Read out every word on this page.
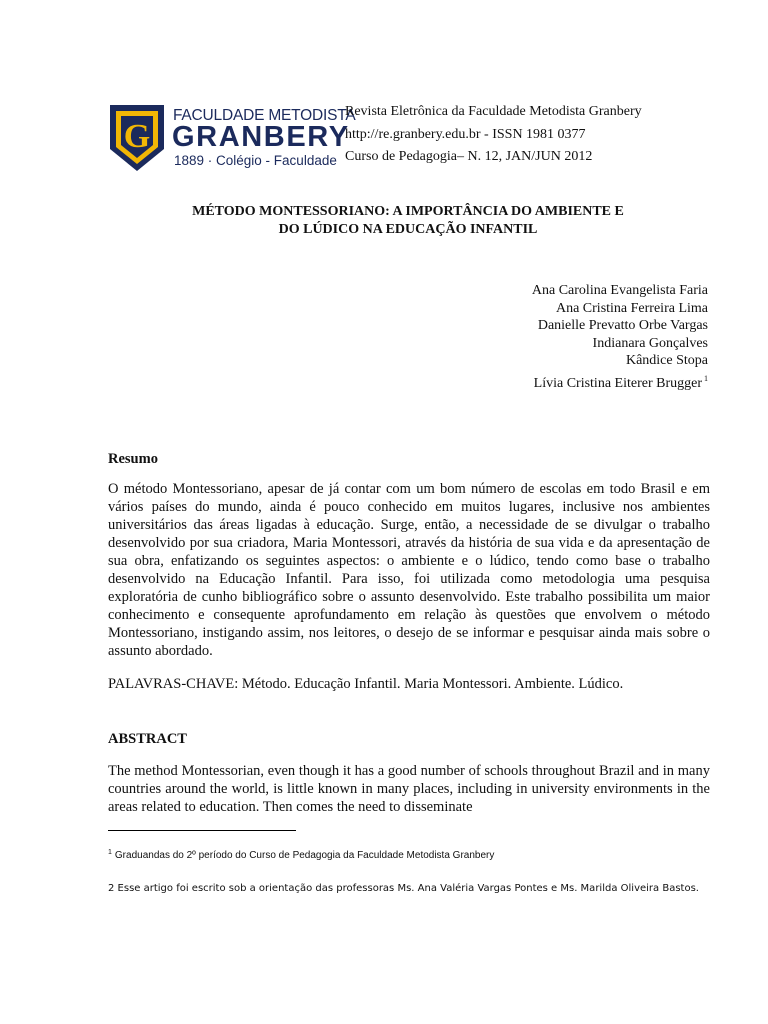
G
FACULDADE METODISTA
GRANBERY
1889 · Colégio - Faculdade
Revista Eletrônica da Faculdade Metodista Granbery
http://re.granbery.edu.br - ISSN 1981 0377
Curso de Pedagogia– N. 12, JAN/JUN 2012
MÉTODO MONTESSORIANO: A IMPORTÂNCIA DO AMBIENTE E
DO LÚDICO NA EDUCAÇÃO INFANTIL
Ana Carolina Evangelista Faria
Ana Cristina Ferreira Lima
Danielle Prevatto Orbe Vargas
Indianara Gonçalves
Kândice Stopa
Lívia Cristina Eiterer Brugger $^1$
Resumo
O método Montessoriano, apesar de já contar com um bom número de escolas em todo Brasil e em vários países do mundo, ainda é pouco conhecido em muitos lugares, inclusive nos ambientes universitários das áreas ligadas à educação. Surge, então, a necessidade de se divulgar o trabalho desenvolvido por sua criadora, Maria Montessori, através da história de sua vida e da apresentação de sua obra, enfatizando os seguintes aspectos: o ambiente e o lúdico, tendo como base o trabalho desenvolvido na Educação Infantil. Para isso, foi utilizada como metodologia uma pesquisa exploratória de cunho bibliográfico sobre o assunto desenvolvido. Este trabalho possibilita um maior conhecimento e consequente aprofundamento em relação às questões que envolvem o método Montessoriano, instigando assim, nos leitores, o desejo de se informar e pesquisar ainda mais sobre o assunto abordado.
PALAVRAS-CHAVE: Método. Educação Infantil. Maria Montessori. Ambiente. Lúdico.
ABSTRACT
The method Montessorian, even though it has a good number of schools throughout Brazil and in many countries around the world, is little known in many places, including in university environments in the areas related to education. Then comes the need to disseminate
$^1$ Graduandas do 2º período do Curso de Pedagogia da Faculdade Metodista Granbery
2 Esse artigo foi escrito sob a orientação das professoras Ms. Ana Valéria Vargas Pontes e Ms. Marilda Oliveira Bastos.
